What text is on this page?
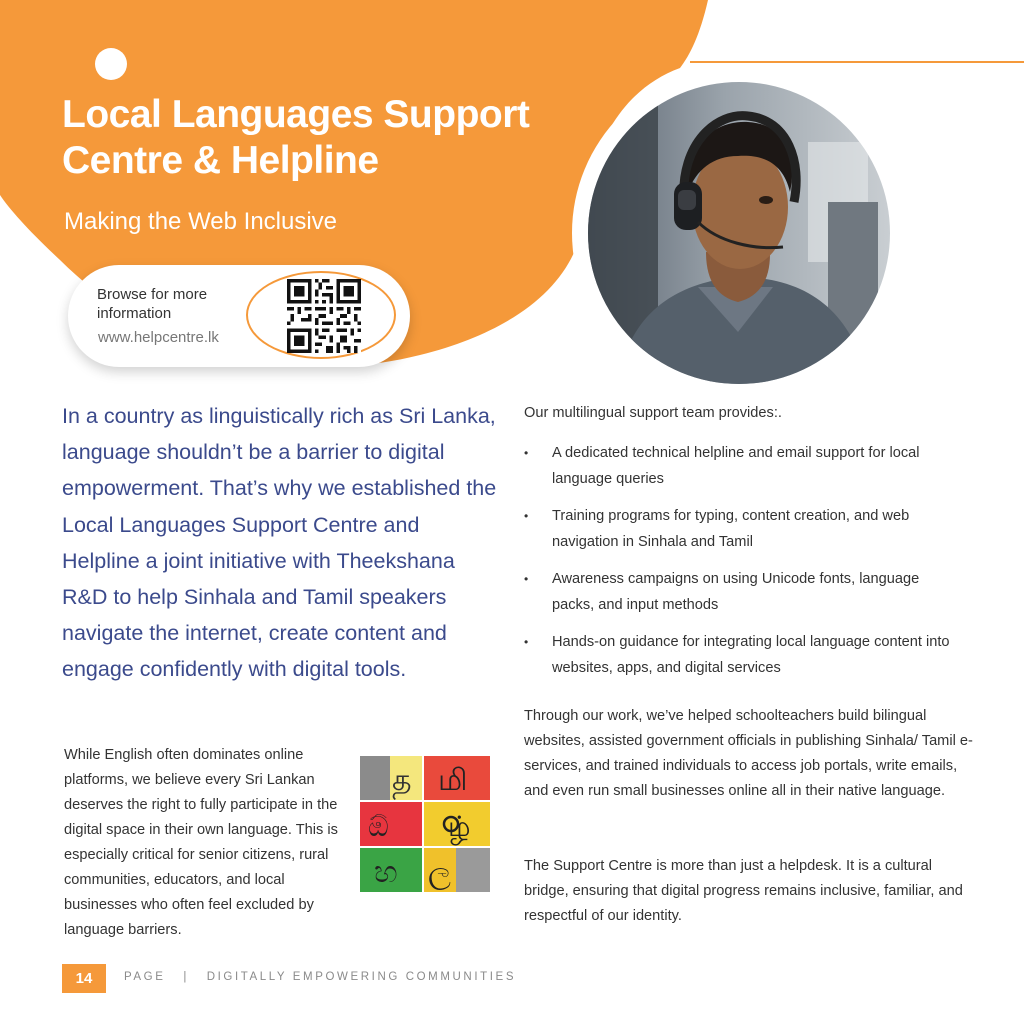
Local Languages Support
Centre & Helpline
Making the Web Inclusive
Browse for more information
www.helpcentre.lk

In a country as linguistically rich as Sri Lanka, language shouldn’t be a barrier to digital empowerment. That’s why we established the Local Languages Support Centre and Helpline a joint initiative with Theekshana R&D to help Sinhala and Tamil speakers navigate the internet, create content and engage confidently with digital tools.

While English often dominates online platforms, we believe every Sri Lankan deserves the right to fully participate in the digital space in their own language. This is especially critical for senior citizens, rural communities, educators, and local businesses who often feel excluded by language barriers.

த மி
ඕ ழ்
හ ල
Our multilingual support team provides:.
• A dedicated technical helpline and email support for local language queries
• Training programs for typing, content creation, and web navigation in Sinhala and Tamil
• Awareness campaigns on using Unicode fonts, language packs, and input methods
• Hands-on guidance for integrating local language content into websites, apps, and digital services

Through our work, we’ve helped schoolteachers build bilingual websites, assisted government officials in publishing Sinhala/ Tamil e-services, and trained individuals to access job portals, write emails, and even run small businesses online all in their native language.

The Support Centre is more than just a helpdesk. It is a cultural bridge, ensuring that digital progress remains inclusive, familiar, and respectful of our identity.

14	PAGE | DIGITALLY EMPOWERING COMMUNITIES
